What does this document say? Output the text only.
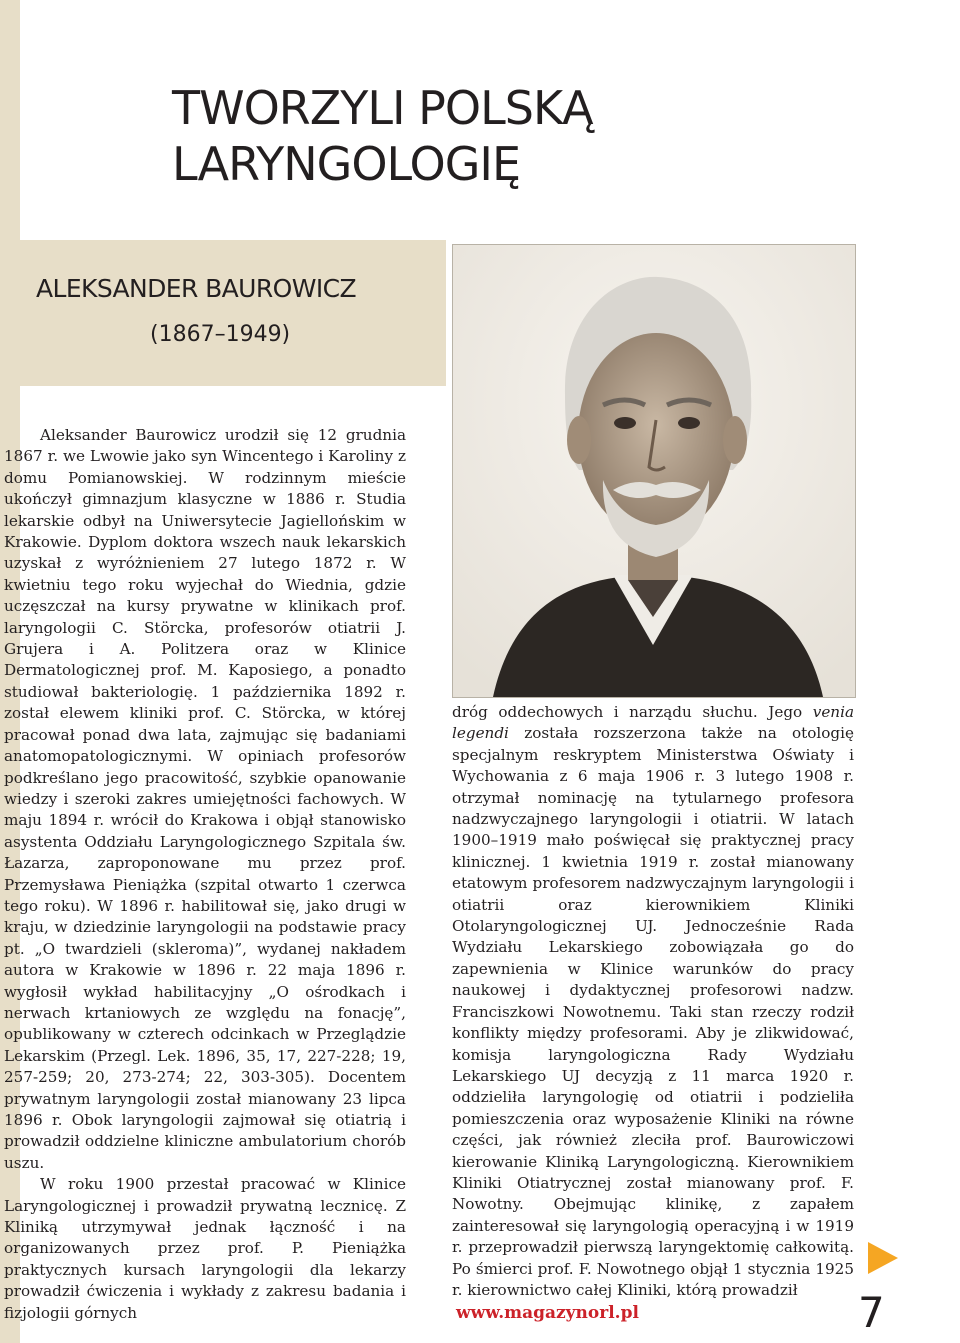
TWORZYLI POLSKĄ
LARYNGOLOGIĘ
ALEKSANDER BAUROWICZ
(1867–1949)

Aleksander Baurowicz urodził się 12 grudnia 1867 r. we Lwowie jako syn Wincentego i Karoliny z domu Pomianowskiej. W rodzinnym mieście ukończył gimnazjum klasyczne w 1886 r. Studia lekarskie odbył na Uniwersytecie Jagiellońskim w Krakowie. Dyplom doktora wszech nauk lekarskich uzyskał z wyróżnieniem 27 lutego 1872 r. W kwietniu tego roku wyjechał do Wiednia, gdzie uczęszczał na kursy prywatne w klinikach prof. laryngologii C. Störcka, profesorów otiatrii J. Grujera i A. Politzera oraz w Klinice Dermatologicznej prof. M. Kaposiego, a ponadto studiował bakteriologię. 1 października 1892 r. został elewem kliniki prof. C. Störcka, w której pracował ponad dwa lata, zajmując się badaniami anatomopatologicznymi. W opiniach profesorów podkreślano jego pracowitość, szybkie opanowanie wiedzy i szeroki zakres umiejętności fachowych. W maju 1894 r. wrócił do Krakowa i objął stanowisko asystenta Oddziału Laryngologicznego Szpitala św. Łazarza, zaproponowane mu przez prof. Przemysława Pieniążka (szpital otwarto 1 czerwca tego roku). W 1896 r. habilitował się, jako drugi w kraju, w dziedzinie laryngologii na podstawie pracy pt. „O twardzieli (skleroma)”, wydanej nakładem autora w Krakowie w 1896 r. 22 maja 1896 r. wygłosił wykład habilitacyjny „O ośrodkach i nerwach krtaniowych ze względu na fonację”, opublikowany w czterech odcinkach w Przeglądzie Lekarskim (Przegl. Lek. 1896, 35, 17, 227-228; 19, 257-259; 20, 273-274; 22, 303-305). Docentem prywatnym laryngologii został mianowany 23 lipca 1896 r. Obok laryngologii zajmował się otiatrią i prowadził oddzielne kliniczne ambulatorium chorób uszu.

W roku 1900 przestał pracować w Klinice Laryngologicznej i prowadził prywatną lecznicę. Z Kliniką utrzymywał jednak łączność i na organizowanych przez prof. P. Pieniążka praktycznych kursach laryngologii dla lekarzy prowadził ćwiczenia i wykłady z zakresu badania i fizjologii górnych

dróg oddechowych i narządu słuchu. Jego venia legendi została rozszerzona także na otologię specjalnym reskryptem Ministerstwa Oświaty i Wychowania z 6 maja 1906 r. 3 lutego 1908 r. otrzymał nominację na tytularnego profesora nadzwyczajnego laryngologii i otiatrii. W latach 1900–1919 mało poświęcał się praktycznej pracy klinicznej. 1 kwietnia 1919 r. został mianowany etatowym profesorem nadzwyczajnym laryngologii i otiatrii oraz kierownikiem Kliniki Otolaryngologicznej UJ. Jednocześnie Rada Wydziału Lekarskiego zobowiązała go do zapewnienia w Klinice warunków do pracy naukowej i dydaktycznej profesorowi nadzw. Franciszkowi Nowotnemu. Taki stan rzeczy rodził konflikty między profesorami. Aby je zlikwidować, komisja laryngologiczna Rady Wydziału Lekarskiego UJ decyzją z 11 marca 1920 r. oddzieliła laryngologię od otiatrii i podzieliła pomieszczenia oraz wyposażenie Kliniki na równe części, jak również zleciła prof. Baurowiczowi kierowanie Kliniką Laryngologiczną. Kierownikiem Kliniki Otiatrycznej został mianowany prof. F. Nowotny. Obejmując klinikę, z zapałem zainteresował się laryngologią operacyjną i w 1919 r. przeprowadził pierwszą laryngektomię całkowitą. Po śmierci prof. F. Nowotnego objął 1 stycznia 1925 r. kierownictwo całej Kliniki, którą prowadził

www.magazynorl.pl	7
